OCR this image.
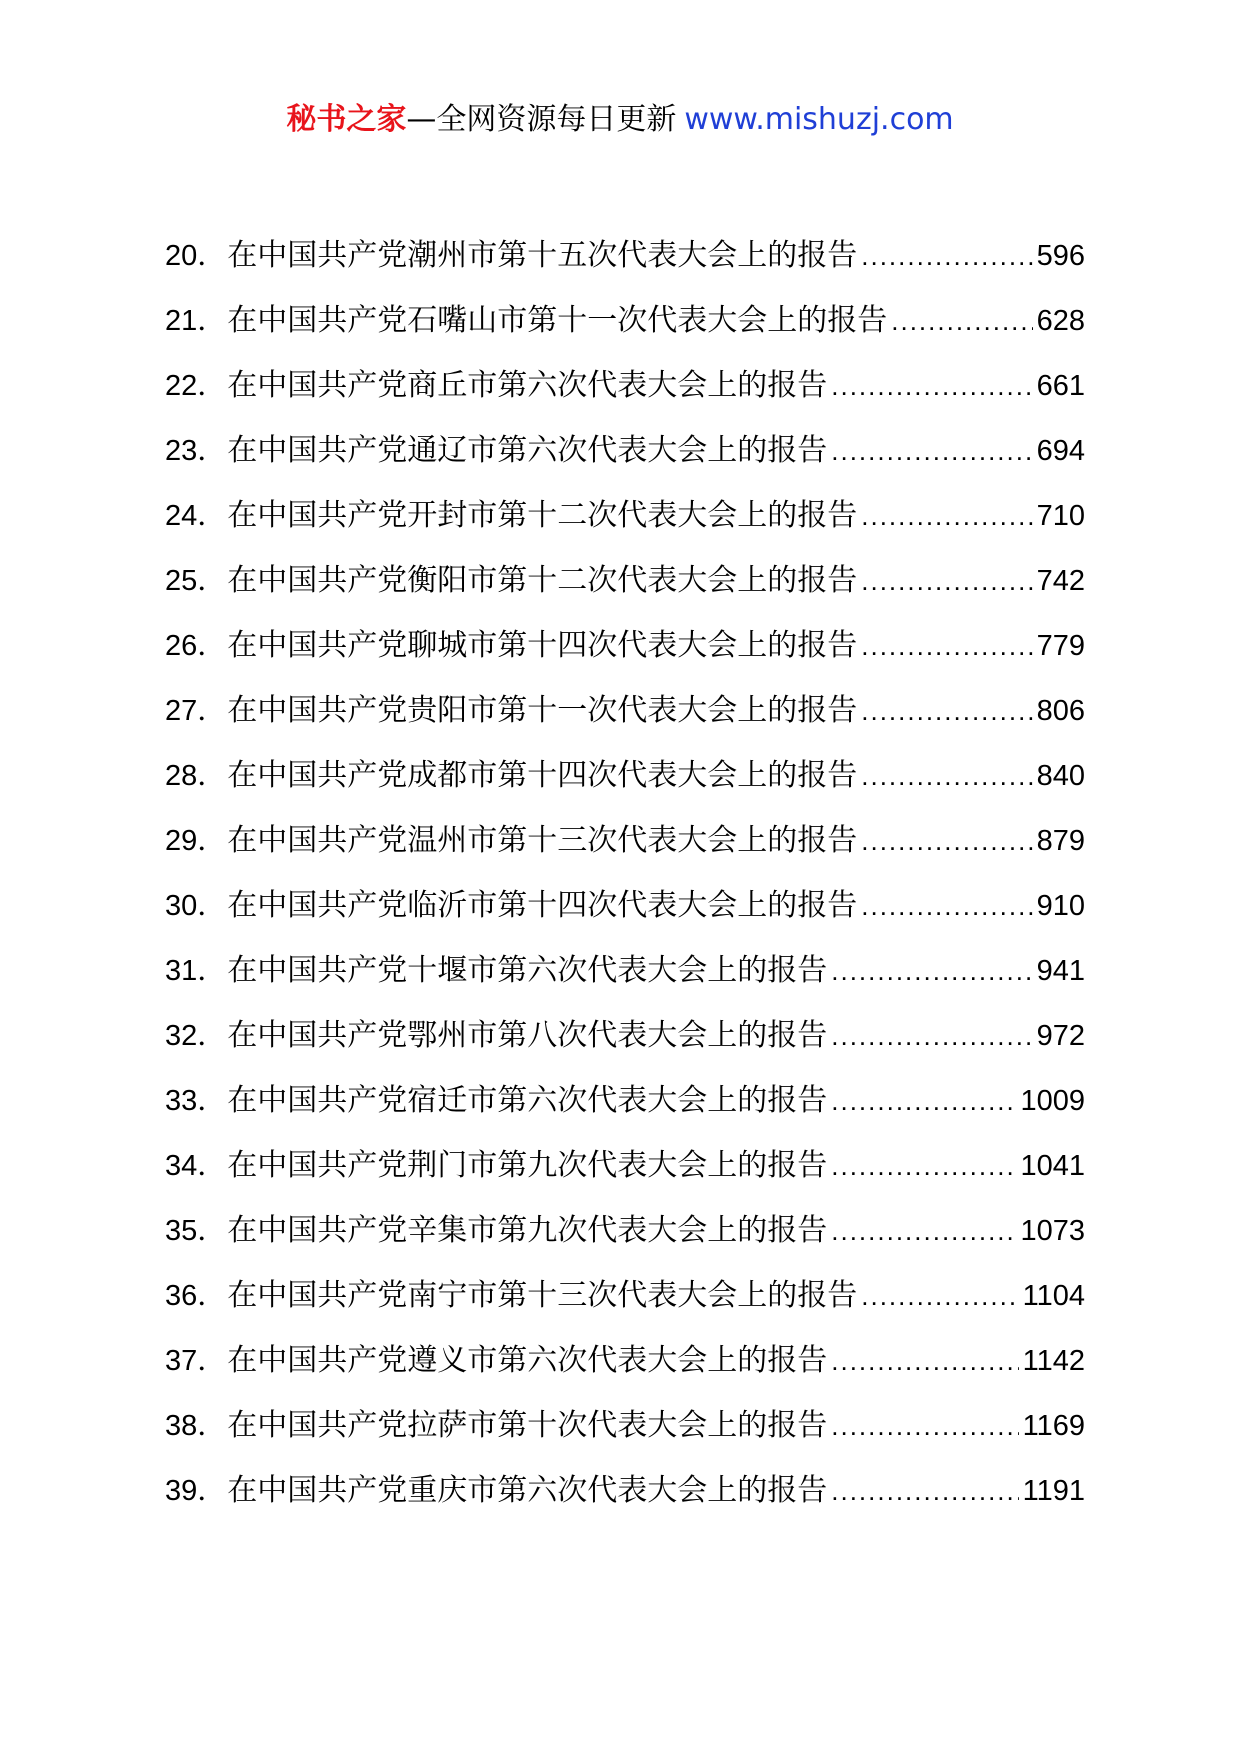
秘书之家—全网资源每日更新 www.mishuzj.com
20 ． 在中国共产党潮州市第十五次代表大会上的报告 .....	596
21 ． 在中国共产党石嘴山市第十一次代表大会上的报告 .....	628
22 ． 在中国共产党商丘市第六次代表大会上的报告 .....	661
23 ． 在中国共产党通辽市第六次代表大会上的报告 .....	694
24 ． 在中国共产党开封市第十二次代表大会上的报告 .....	710
25 ． 在中国共产党衡阳市第十二次代表大会上的报告 .....	742
26 ． 在中国共产党聊城市第十四次代表大会上的报告 .....	779
27 ． 在中国共产党贵阳市第十一次代表大会上的报告 .....	806
28 ． 在中国共产党成都市第十四次代表大会上的报告 .....	840
29 ． 在中国共产党温州市第十三次代表大会上的报告 .....	879
30 ． 在中国共产党临沂市第十四次代表大会上的报告 .....	910
31 ． 在中国共产党十堰市第六次代表大会上的报告 .....	941
32 ． 在中国共产党鄂州市第八次代表大会上的报告 .....	972
33 ． 在中国共产党宿迁市第六次代表大会上的报告 .....	1009
34 ． 在中国共产党荆门市第九次代表大会上的报告 .....	1041
35 ． 在中国共产党辛集市第九次代表大会上的报告 .....	1073
36 ． 在中国共产党南宁市第十三次代表大会上的报告 .....	1104
37 ． 在中国共产党遵义市第六次代表大会上的报告 .....	1142
38 ． 在中国共产党拉萨市第十次代表大会上的报告 .....	1169
39 ． 在中国共产党重庆市第六次代表大会上的报告 .....	1191
